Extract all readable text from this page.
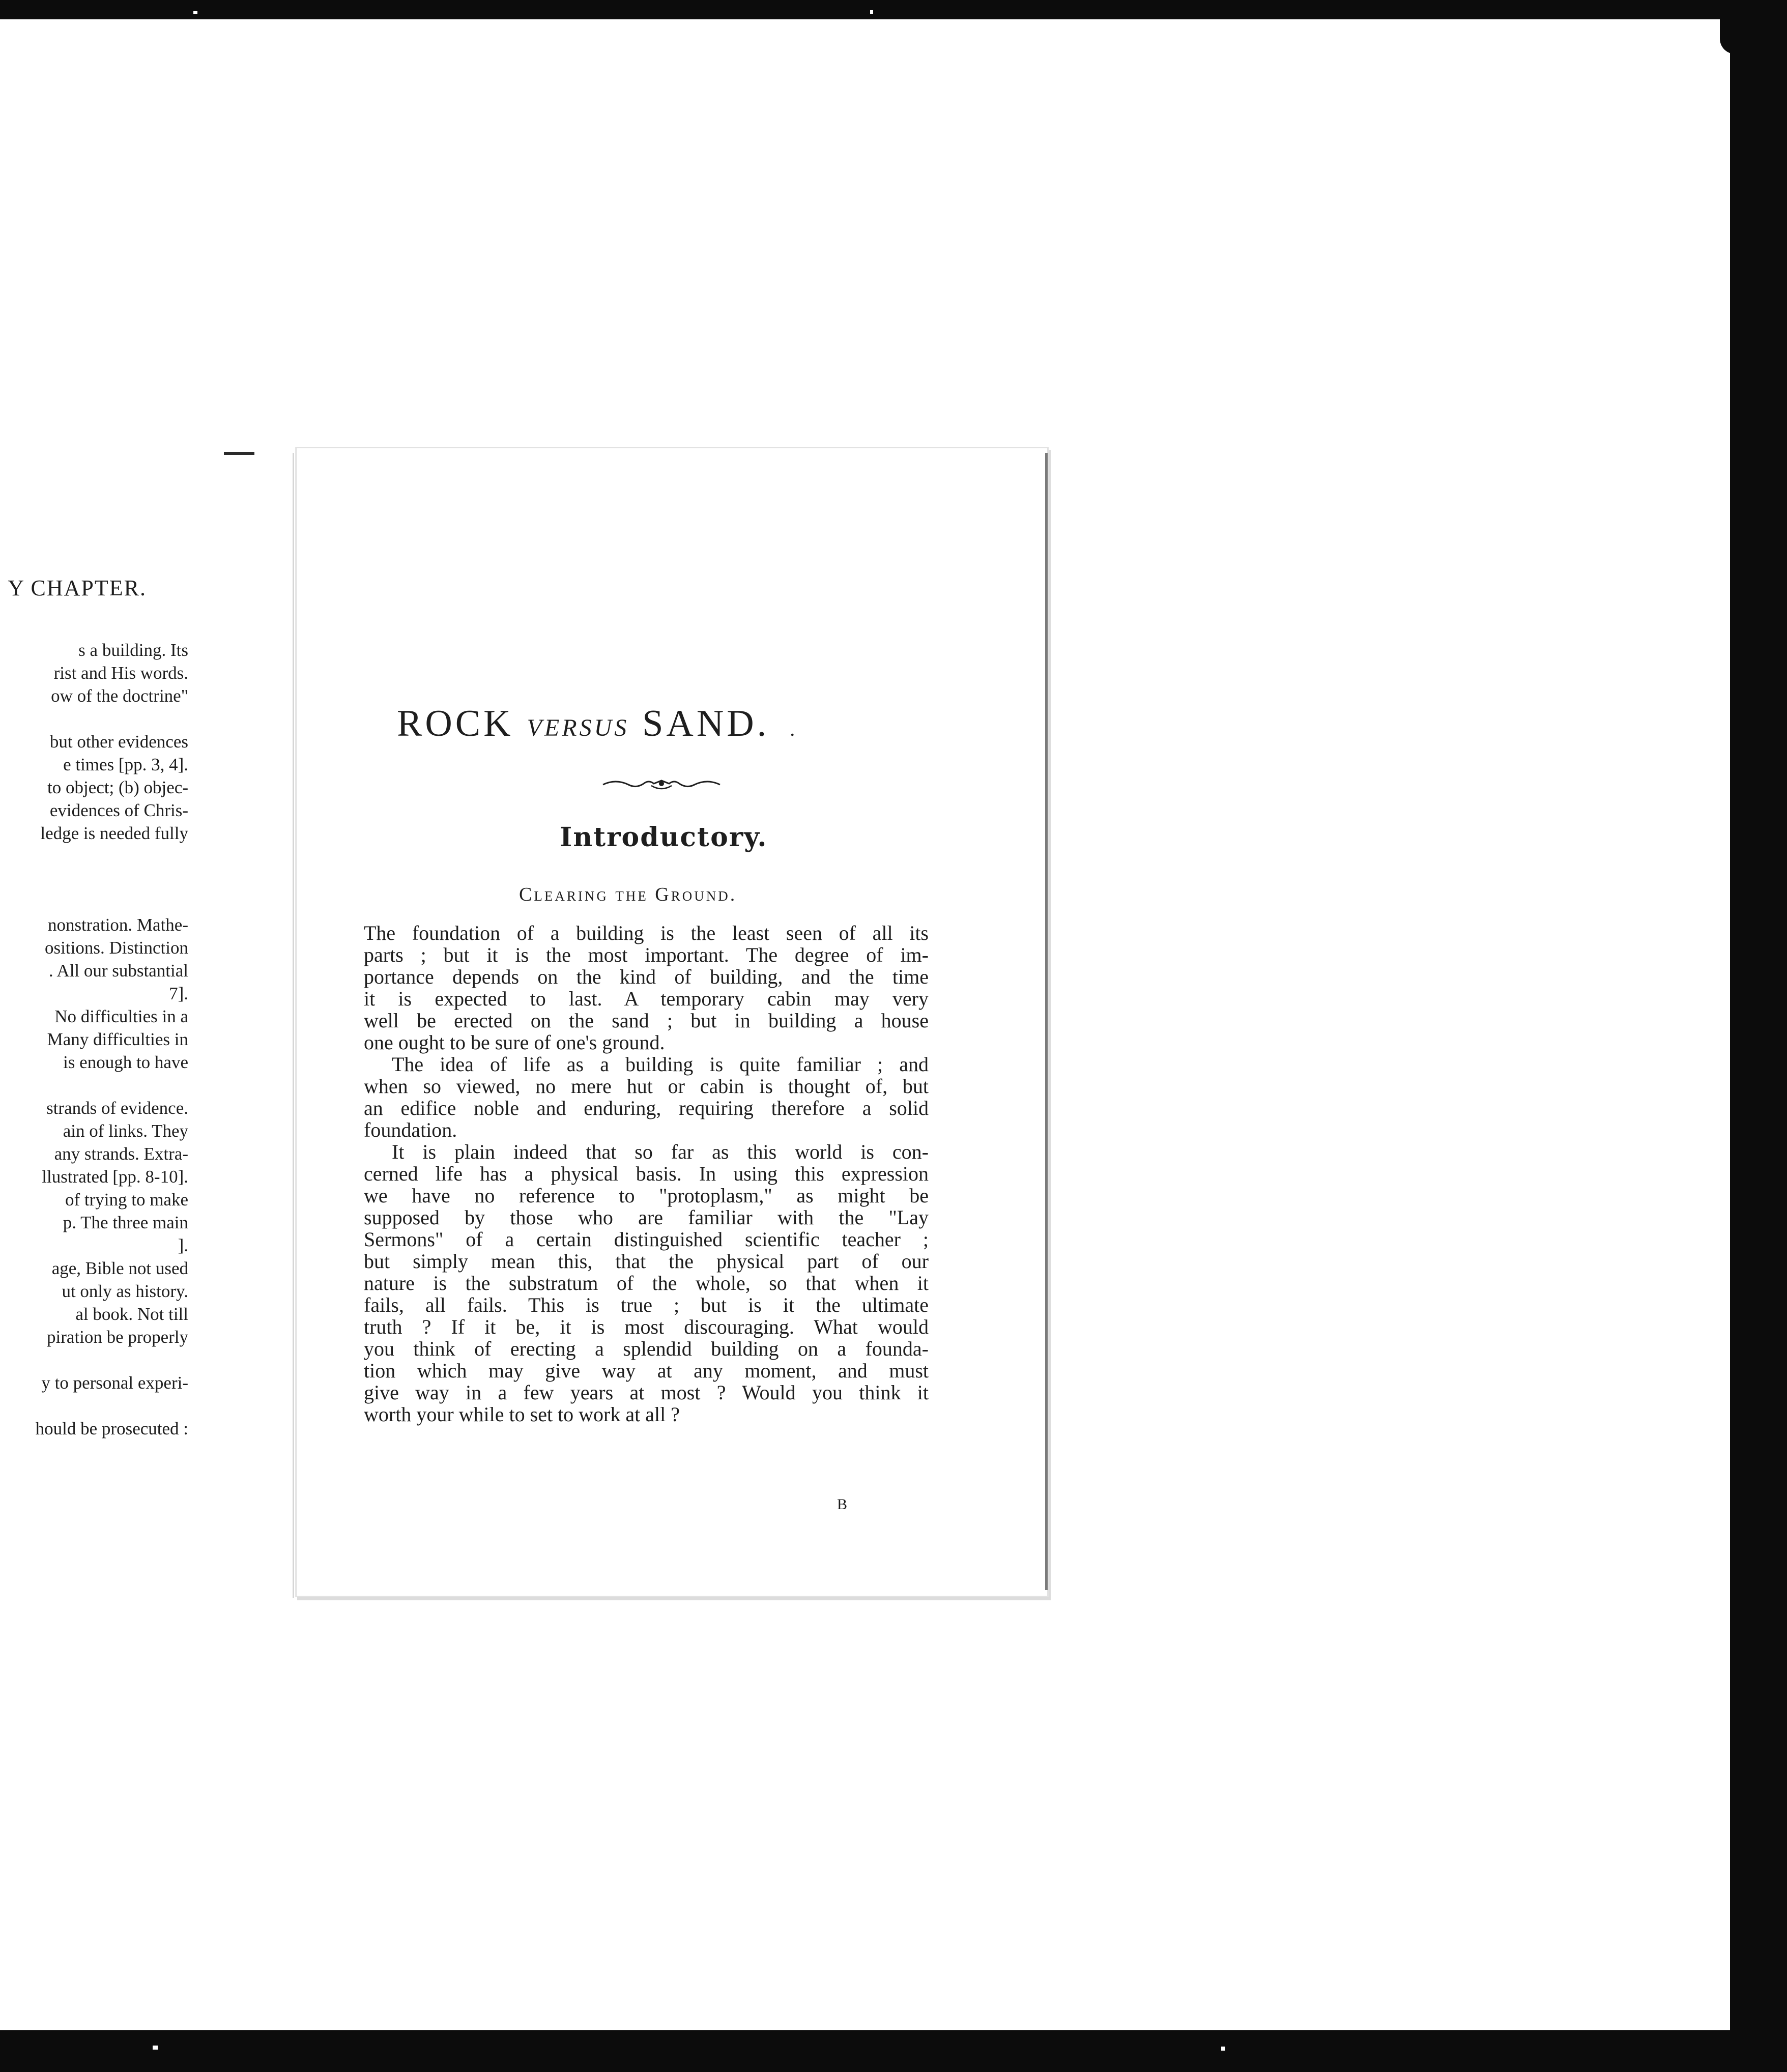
Y CHAPTER.
s a building. Its
rist and His words.
ow of the doctrine"
but other evidences
e times [pp. 3, 4].
to object; (b) objec-
evidences of Chris-
ledge is needed fully
nonstration. Mathe-
ositions. Distinction
. All our substantial
7].
No difficulties in a
Many difficulties in
is enough to have
strands of evidence.
ain of links. They
any strands. Extra-
llustrated [pp. 8-10].
of trying to make
p. The three main
].
age, Bible not used
ut only as history.
al book. Not till
piration be properly
y to personal experi-
hould be prosecuted :
ROCK VERSUS SAND. .
Introductory.
Clearing the Ground.
The foundation of a building is the least seen of all its
parts ; but it is the most important. The degree of im-
portance depends on the kind of building, and the time
it is expected to last. A temporary cabin may very
well be erected on the sand ; but in building a house
one ought to be sure of one's ground.
The idea of life as a building is quite familiar ; and
when so viewed, no mere hut or cabin is thought of, but
an edifice noble and enduring, requiring therefore a solid
foundation.
It is plain indeed that so far as this world is con-
cerned life has a physical basis. In using this expression
we have no reference to "protoplasm," as might be
supposed by those who are familiar with the "Lay
Sermons" of a certain distinguished scientific teacher ;
but simply mean this, that the physical part of our
nature is the substratum of the whole, so that when it
fails, all fails. This is true ; but is it the ultimate
truth ? If it be, it is most discouraging. What would
you think of erecting a splendid building on a founda-
tion which may give way at any moment, and must
give way in a few years at most ? Would you think it
worth your while to set to work at all ?
B
